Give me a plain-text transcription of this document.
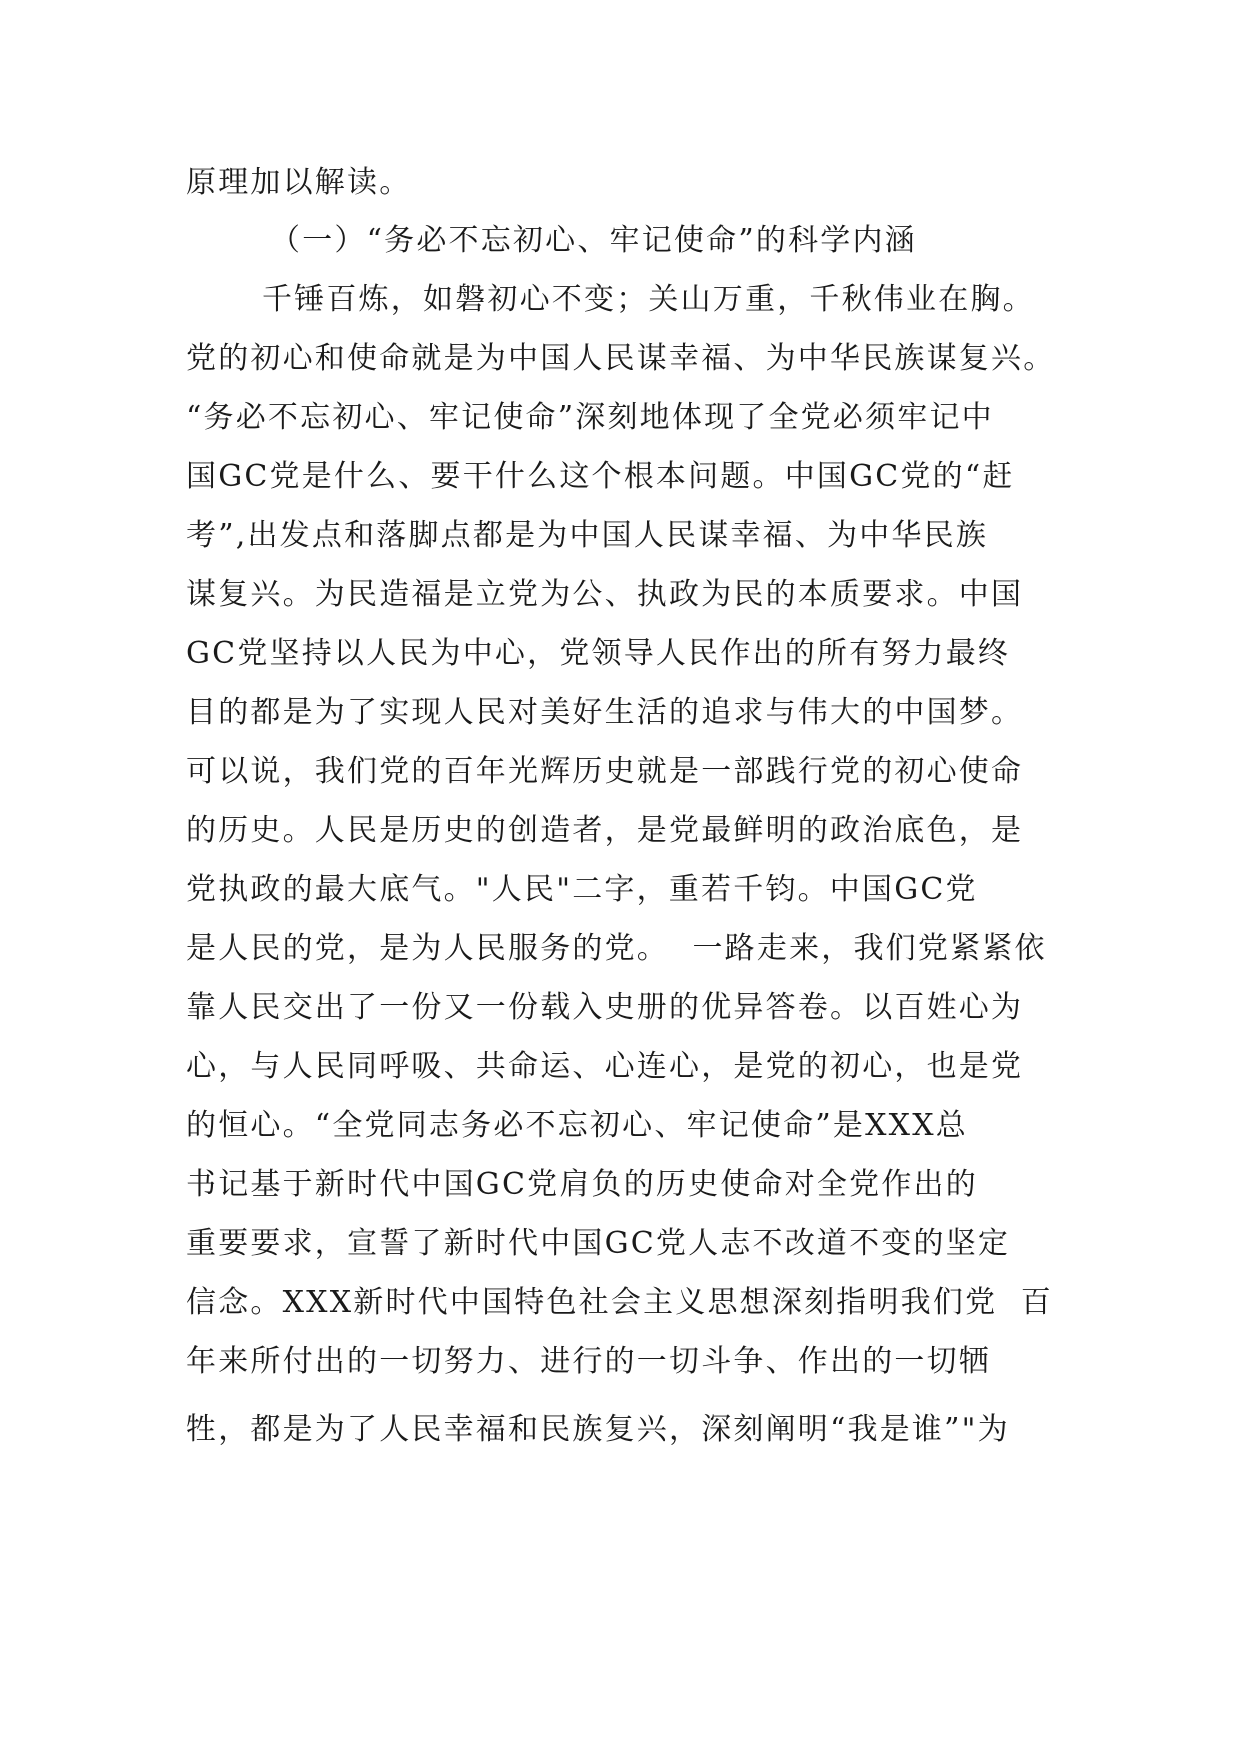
原理加以解读。
（一）“务必不忘初心、牢记使命”的科学内涵
千锤百炼，如磐初心不变；关山万重，千秋伟业在胸。
党的初心和使命就是为中国人民谋幸福、为中华民族谋复兴。
“务必不忘初心、牢记使命”深刻地体现了全党必须牢记中
国GC党是什么、要干什么这个根本问题。中国GC党的“赶
考”,出发点和落脚点都是为中国人民谋幸福、为中华民族
谋复兴。为民造福是立党为公、执政为民的本质要求。中国
GC党坚持以人民为中心，党领导人民作出的所有努力最终
目的都是为了实现人民对美好生活的追求与伟大的中国梦。
可以说，我们党的百年光辉历史就是一部践行党的初心使命
的历史。人民是历史的创造者，是党最鲜明的政治底色，是
党执政的最大底气。"人民"二字，重若千钧。中国GC党
是人民的党，是为人民服务的党。  一路走来，我们党紧紧依
靠人民交出了一份又一份载入史册的优异答卷。以百姓心为
心，与人民同呼吸、共命运、心连心，是党的初心，也是党
的恒心。“全党同志务必不忘初心、牢记使命”是XXX总
书记基于新时代中国GC党肩负的历史使命对全党作出的
重要要求，宣誓了新时代中国GC党人志不改道不变的坚定
信念。XXX新时代中国特色社会主义思想深刻指明我们党  百
年来所付出的一切努力、进行的一切斗争、作出的一切牺
牲，都是为了人民幸福和民族复兴，深刻阐明“我是谁”"为
